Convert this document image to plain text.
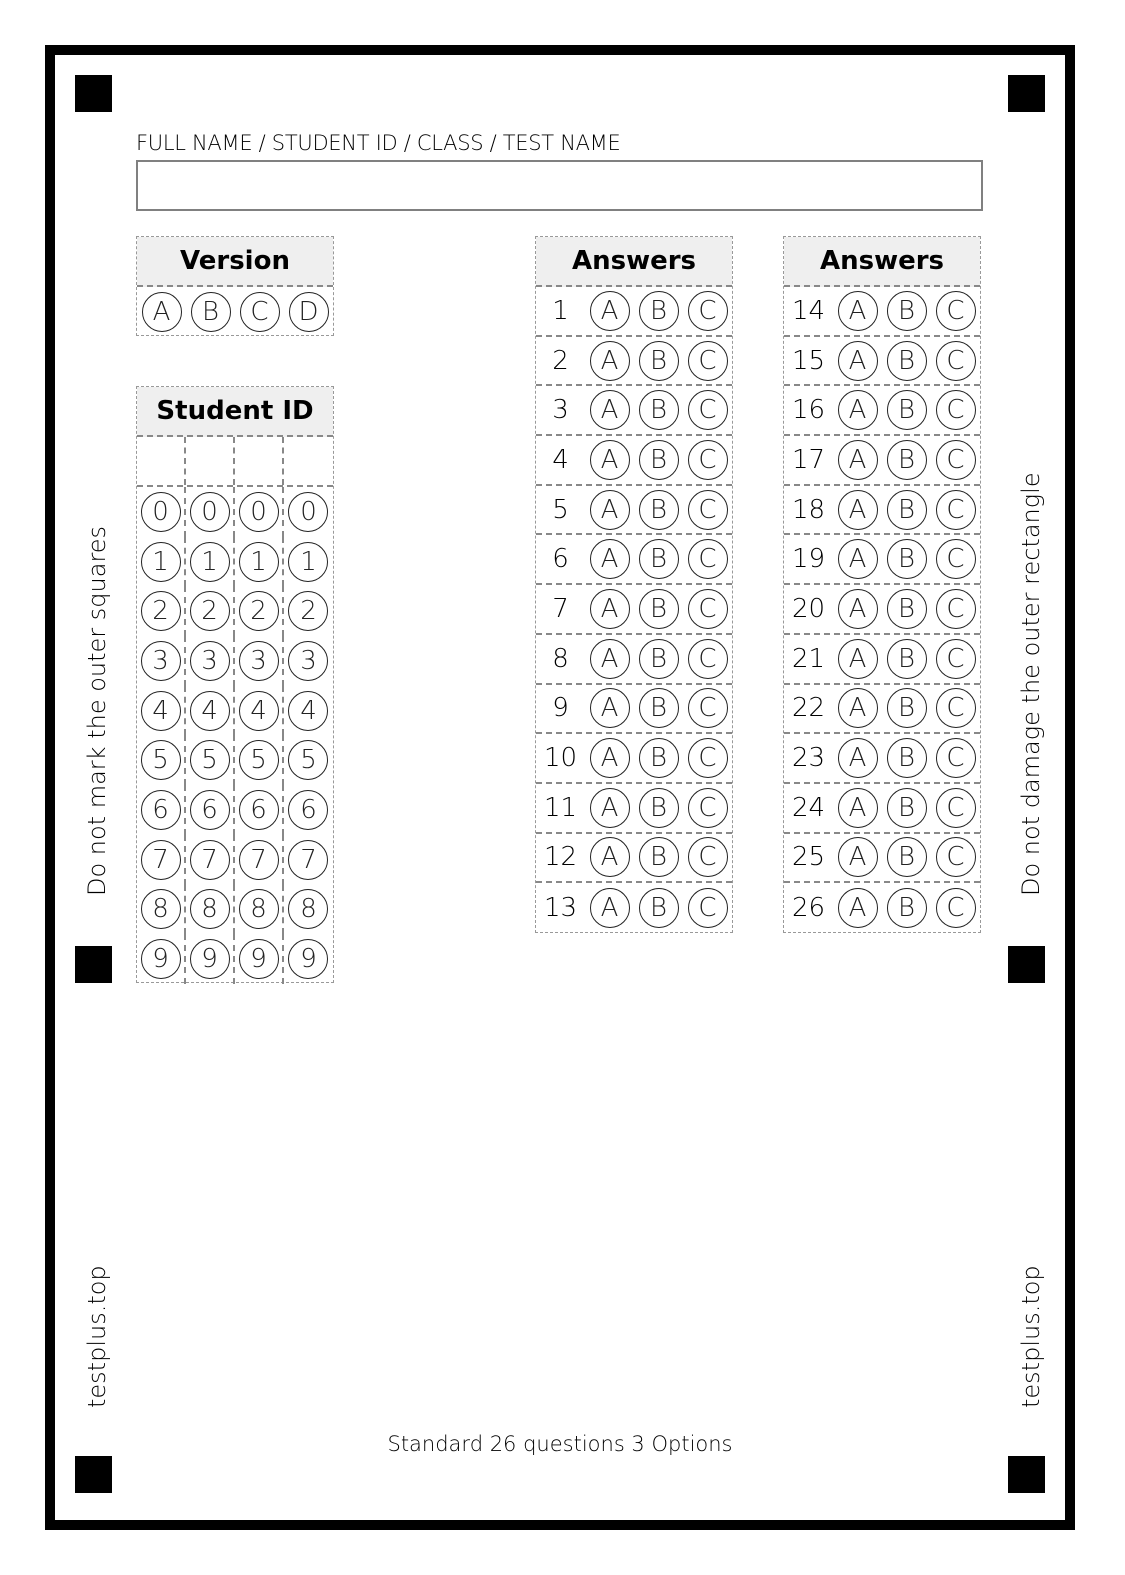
FULL NAME / STUDENT ID / CLASS / TEST NAME
Version
A	B	C	D
Student ID
0	0	0	0
1	1	1	1
2	2	2	2
3	3	3	3
4	4	4	4
5	5	5	5
6	6	6	6
7	7	7	7
8	8	8	8
9	9	9	9
Answers
1	A	B	C
2	A	B	C
3	A	B	C
4	A	B	C
5	A	B	C
6	A	B	C
7	A	B	C
8	A	B	C
9	A	B	C
10 A	B	C
11 A	B	C
12 A	B	C
13 A	B	C
Answers
14 A	B	C
15 A	B	C
16 A	B	C
17 A	B	C
18 A	B	C
19 A	B	C
20 A	B	C
21 A	B	C
22 A	B	C
23 A	B	C
24 A	B	C
25 A	B	C
26 A	B	C
Do not mark the outer squares	Do not damage the outer rectangle
testplus.top	testplus.top
Standard 26 questions 3 Options
